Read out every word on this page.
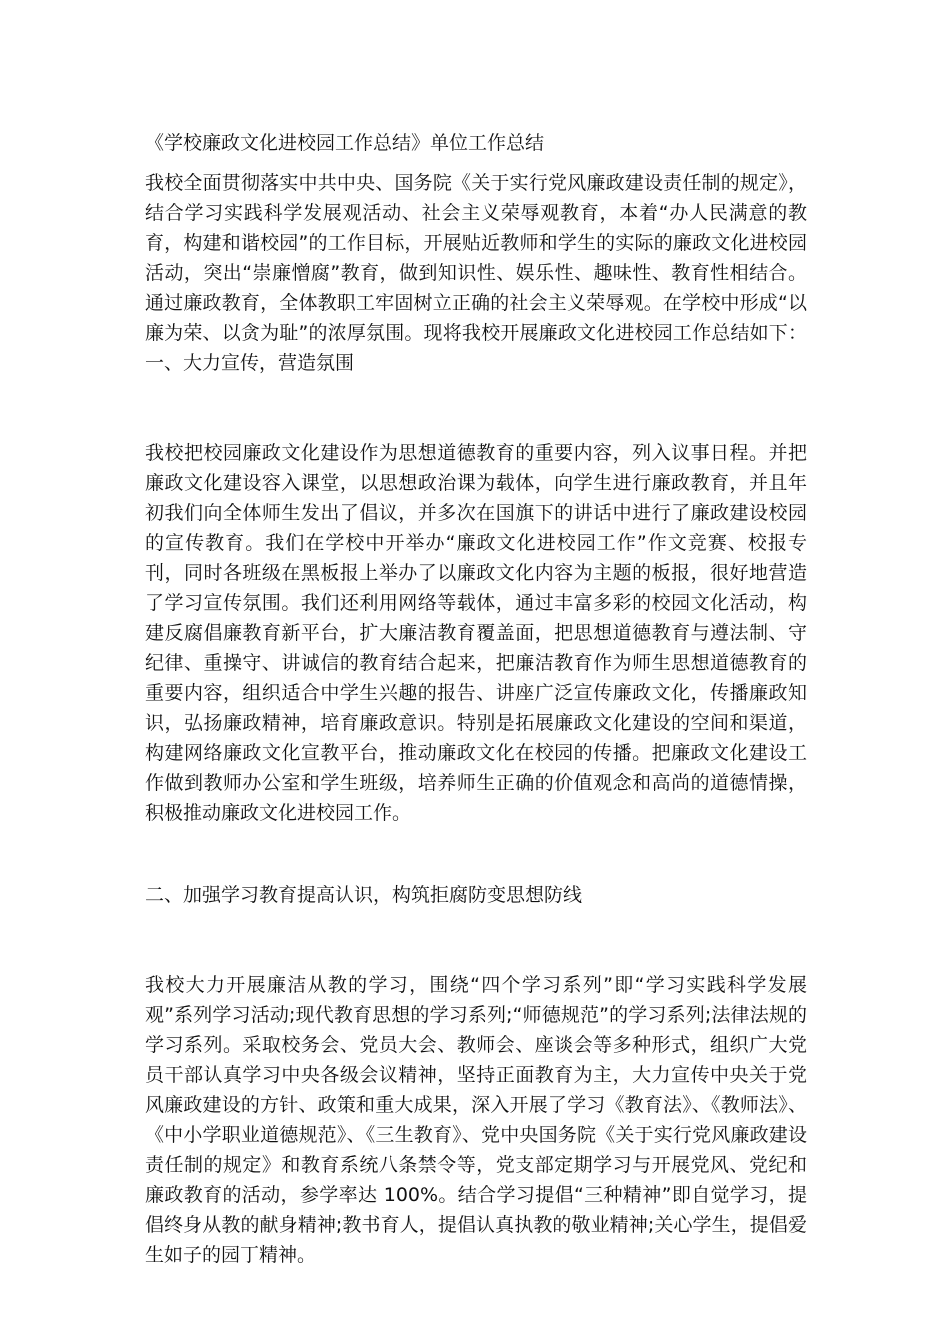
《学校廉政文化进校园工作总结》单位工作总结

我校全面贯彻落实中共中央、国务院《关于实行党风廉政建设责任制的规定》，结合学习实践科学发展观活动、社会主义荣辱观教育，本着“办人民满意的教育，构建和谐校园”的工作目标，开展贴近教师和学生的实际的廉政文化进校园活动，突出“崇廉憎腐”教育，做到知识性、娱乐性、趣味性、教育性相结合。通过廉政教育，全体教职工牢固树立正确的社会主义荣辱观。在学校中形成“以廉为荣、以贪为耻”的浓厚氛围。现将我校开展廉政文化进校园工作总结如下：一、大力宣传，营造氛围

我校把校园廉政文化建设作为思想道德教育的重要内容，列入议事日程。并把廉政文化建设容入课堂，以思想政治课为载体，向学生进行廉政教育，并且年初我们向全体师生发出了倡议，并多次在国旗下的讲话中进行了廉政建设校园的宣传教育。我们在学校中开举办“廉政文化进校园工作”作文竞赛、校报专刊，同时各班级在黑板报上举办了以廉政文化内容为主题的板报，很好地营造了学习宣传氛围。我们还利用网络等载体，通过丰富多彩的校园文化活动，构建反腐倡廉教育新平台，扩大廉洁教育覆盖面，把思想道德教育与遵法制、守纪律、重操守、讲诚信的教育结合起来，把廉洁教育作为师生思想道德教育的重要内容，组织适合中学生兴趣的报告、讲座广泛宣传廉政文化，传播廉政知识，弘扬廉政精神，培育廉政意识。特别是拓展廉政文化建设的空间和渠道，构建网络廉政文化宣教平台，推动廉政文化在校园的传播。把廉政文化建设工作做到教师办公室和学生班级，培养师生正确的价值观念和高尚的道德情操，积极推动廉政文化进校园工作。

二、加强学习教育提高认识，构筑拒腐防变思想防线

我校大力开展廉洁从教的学习，围绕“四个学习系列”即“学习实践科学发展观”系列学习活动;现代教育思想的学习系列;“师德规范”的学习系列;法律法规的学习系列。采取校务会、党员大会、教师会、座谈会等多种形式，组织广大党员干部认真学习中央各级会议精神，坚持正面教育为主，大力宣传中央关于党风廉政建设的方针、政策和重大成果，深入开展了学习《教育法》、《教师法》、《中小学职业道德规范》、《三生教育》、党中央国务院《关于实行党风廉政建设责任制的规定》和教育系统八条禁令等，党支部定期学习与开展党风、党纪和廉政教育的活动，参学率达 100%。结合学习提倡“三种精神”即自觉学习，提倡终身从教的献身精神;教书育人，提倡认真执教的敬业精神;关心学生，提倡爱生如子的园丁精神。
